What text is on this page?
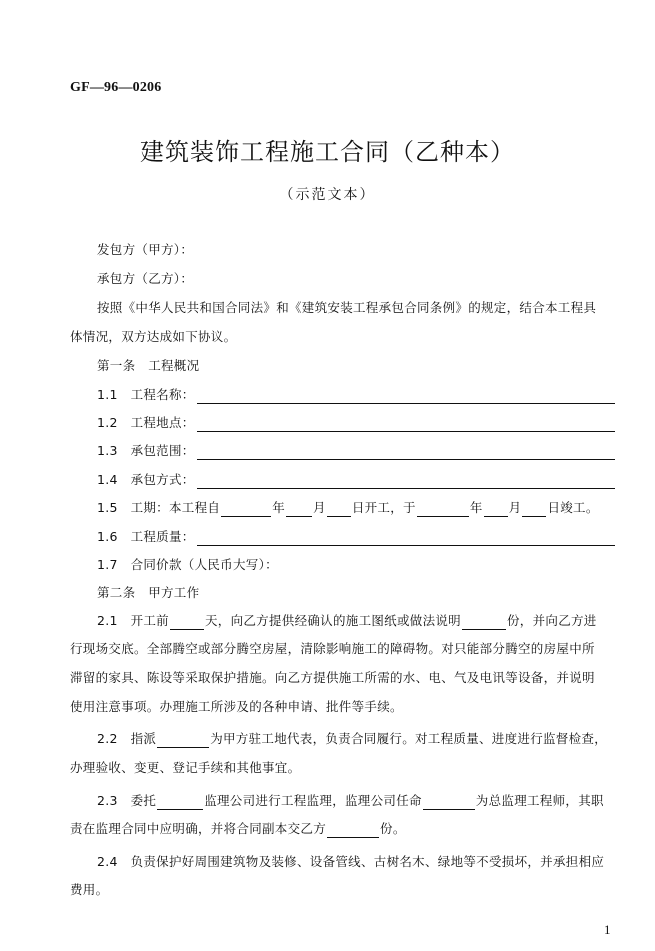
GF—96—0206
建筑装饰工程施工合同（乙种本）
（示范文本）
发包方（甲方）：
承包方（乙方）：
按照《中华人民共和国合同法》和《建筑安装工程承包合同条例》的规定，结合本工程具
体情况，双方达成如下协议。
第一条　工程概况
1.1　工程名称：
1.2　工程地点：
1.3　承包范围：
1.4　承包方式：
1.5　工期：本工程自	年 月 日开工，于	年 月 日竣工。
1.6　工程质量：
1.7　合同价款（人民币大写）：
第二条　甲方工作
2.1　开工前	天，向乙方提供经确认的施工图纸或做法说明	份，并向乙方进
行现场交底。全部腾空或部分腾空房屋，清除影响施工的障碍物。对只能部分腾空的房屋中所
滞留的家具、陈设等采取保护措施。向乙方提供施工所需的水、电、气及电讯等设备，并说明
使用注意事项。办理施工所涉及的各种申请、批件等手续。
2.2　指派	为甲方驻工地代表，负责合同履行。对工程质量、进度进行监督检查，
办理验收、变更、登记手续和其他事宜。
2.3　委托	监理公司进行工程监理，监理公司任命	为总监理工程师，其职
责在监理合同中应明确，并将合同副本交乙方	份。
2.4　负责保护好周围建筑物及装修、设备管线、古树名木、绿地等不受损坏，并承担相应
费用。
1
